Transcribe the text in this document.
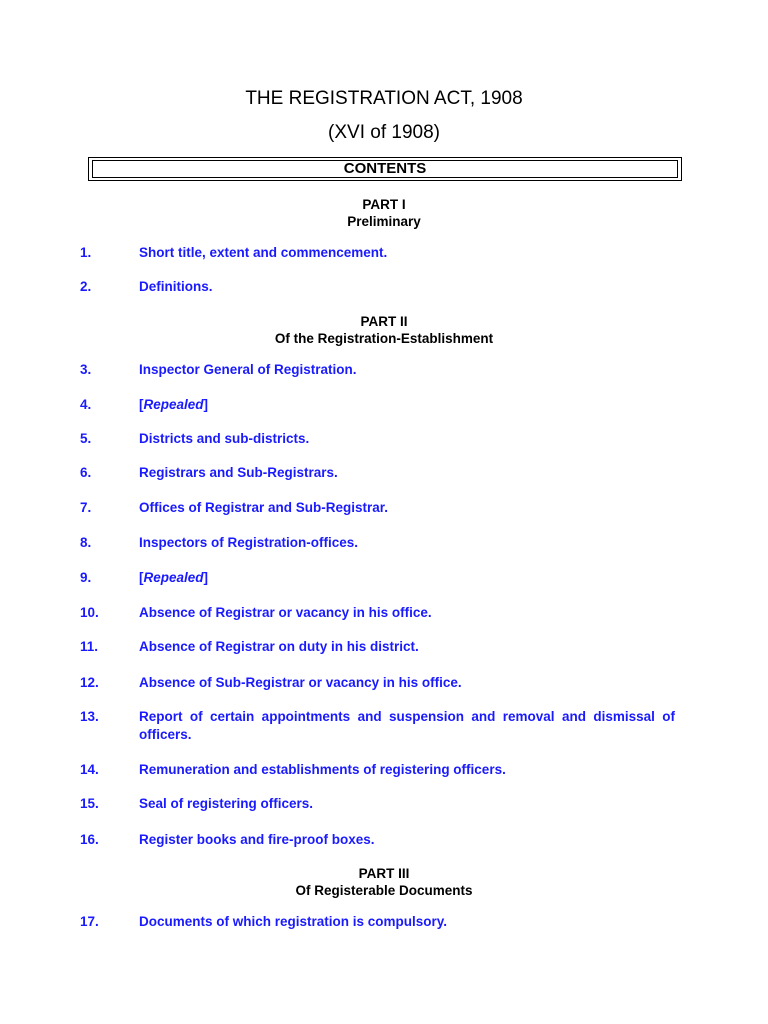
THE REGISTRATION ACT, 1908
(XVI of 1908)
CONTENTS
PART I
Preliminary
1.	Short title, extent and commencement.
2.	Definitions.
PART II
Of the Registration-Establishment
3.	Inspector General of Registration.
4.	[Repealed]
5.	Districts and sub-districts.
6.	Registrars and Sub-Registrars.
7.	Offices of Registrar and Sub-Registrar.
8.	Inspectors of Registration-offices.
9.	[Repealed]
10.	Absence of Registrar or vacancy in his office.
11.	Absence of Registrar on duty in his district.
12.	Absence of Sub-Registrar or vacancy in his office.
13.	Report of certain appointments and suspension and removal and dismissal of officers.
14.	Remuneration and establishments of registering officers.
15.	Seal of registering officers.
16.	Register books and fire-proof boxes.
PART III
Of Registerable Documents
17.	Documents of which registration is compulsory.
